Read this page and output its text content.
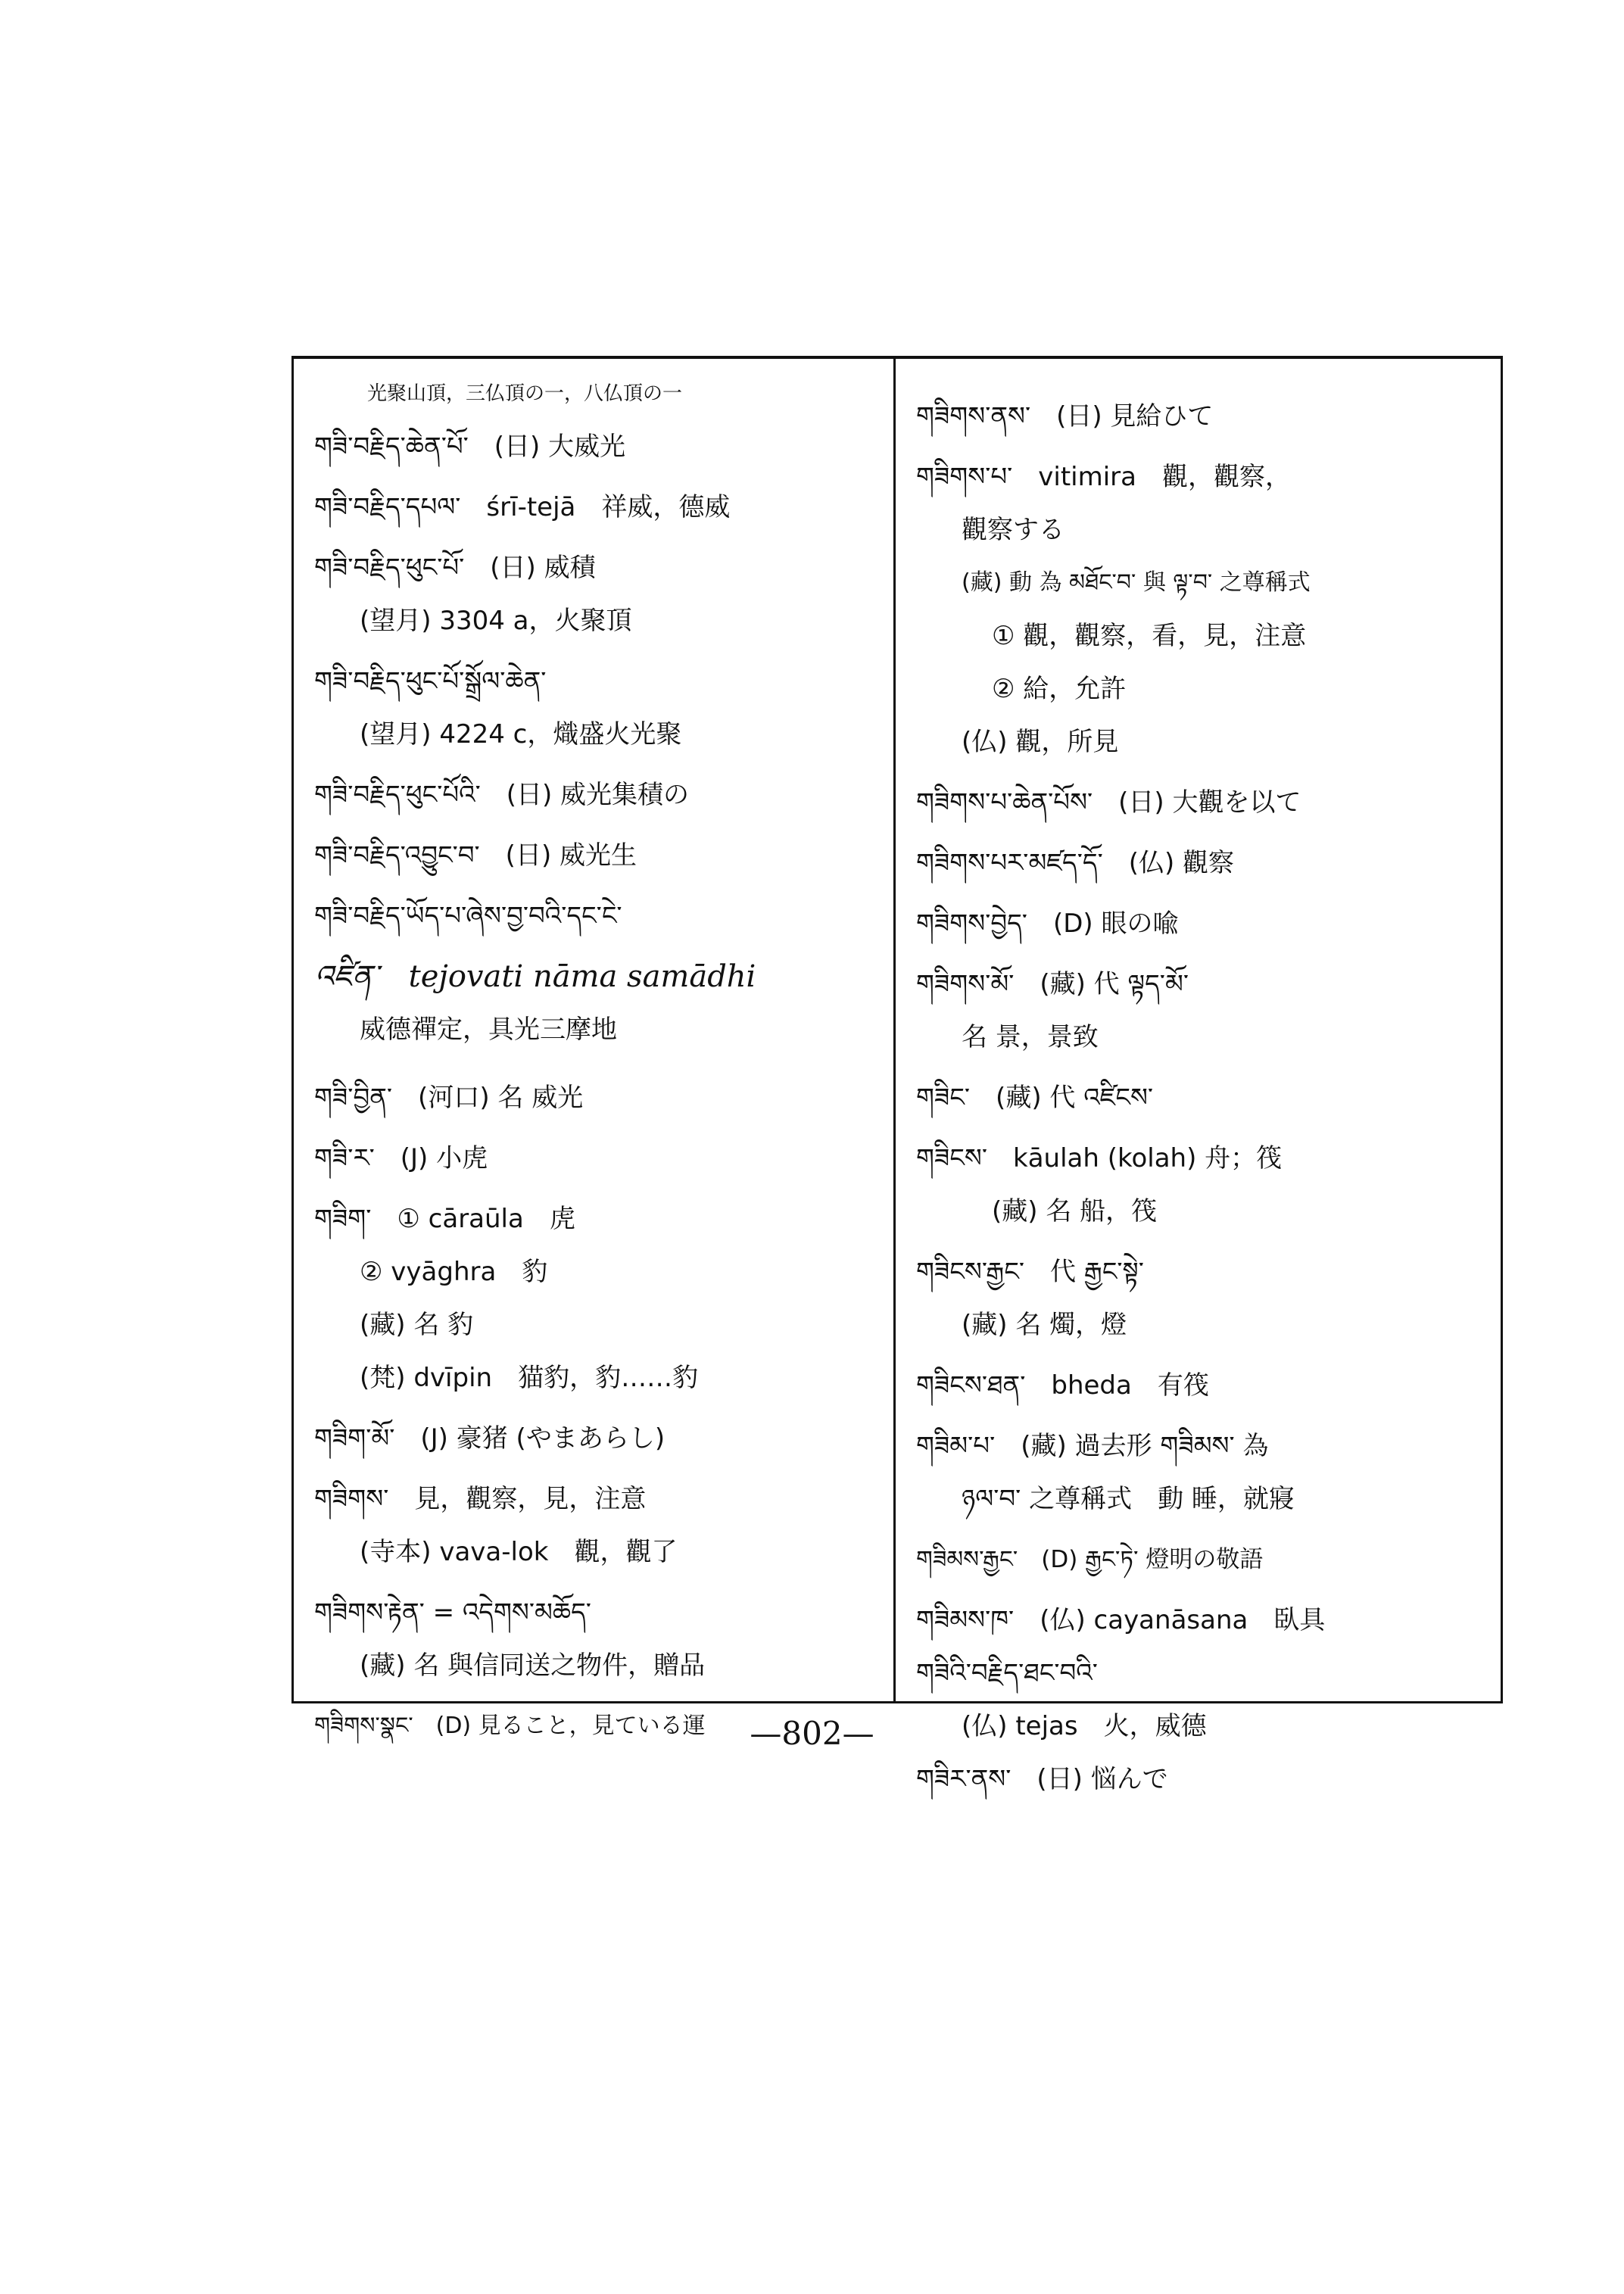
光聚山頂，三仏頂の一，八仏頂の一
གཟི་བརྗིད་ཆེན་པོ་　(日) 大威光
གཟི་བརྗིད་དཔལ་　śrī-tejā　祥威，德威
གཟི་བརྗིད་ཕུང་པོ་　(日) 威積
(望月) 3304 a，火聚頂
གཟི་བརྗིད་ཕུང་པོ་སྒྲོལ་ཆེན་
(望月) 4224 c，熾盛火光聚
གཟི་བརྗིད་ཕུང་པོའི་　(日) 威光集積の
གཟི་བརྗིད་འབྱུང་བ་　(日) 威光生
གཟི་བརྗིད་ཡོད་པ་ཞེས་བྱ་བའི་དང་ངེ་
འཛིན་　tejovati nāma samādhi
威德禪定，具光三摩地
གཟི་བྱིན་　(河口) 名 威光
གཟི་ར་　(J) 小虎
གཟིག་　① cāraūla　虎
② vyāghra　豹
(藏) 名 豹
(梵) dvīpin　猫豹，豹……豹
གཟིག་མོ་　(J) 豪猪 (やまあらし)
གཟིགས་　見，觀察，見，注意
(寺本) vava-lok　觀，觀了
གཟིགས་རྟེན་ = འདེགས་མཆོད་
(藏) 名 與信同送之物件，贈品
གཟིགས་སྣང་　(D) 見ること，見ている運
གཟིགས་ནས་　(日) 見給ひて
གཟིགས་པ་　vitimira　觀，觀察，
觀察する
(藏) 動 為 མཐོང་བ་ 與 ལྟ་བ་ 之尊稱式
① 觀，觀察，看，見，注意
② 給，允許
(仏) 觀，所見
གཟིགས་པ་ཆེན་པོས་　(日) 大觀を以て
གཟིགས་པར་མཛད་དོ་　(仏) 觀察
གཟིགས་བྱེད་　(D) 眼の喩
གཟིགས་མོ་　(藏) 代 ལྟད་མོ་
名 景，景致
གཟིང་　(藏) 代 འཛིངས་
གཟིངས་　kāulah (kolah) 舟；筏
(藏) 名 船，筏
གཟིངས་རྒྱང་　代 རྒྱང་སྟེ་
(藏) 名 燭，燈
གཟིངས་ཐན་　bheda　有筏
གཟིམ་པ་　(藏) 過去形 གཟིམས་ 為
ཉལ་བ་ 之尊稱式　動 睡，就寢
གཟིམས་རྒྱང་　(D) རྒྱང་ཏེ་ 燈明の敬語
གཟིམས་ཁ་　(仏) cayanāsana　臥具
གཟིའི་བརྗིད་ཐང་བའི་
(仏) tejas　火，威德
གཟིར་ནས་　(日) 悩んで
—802—
